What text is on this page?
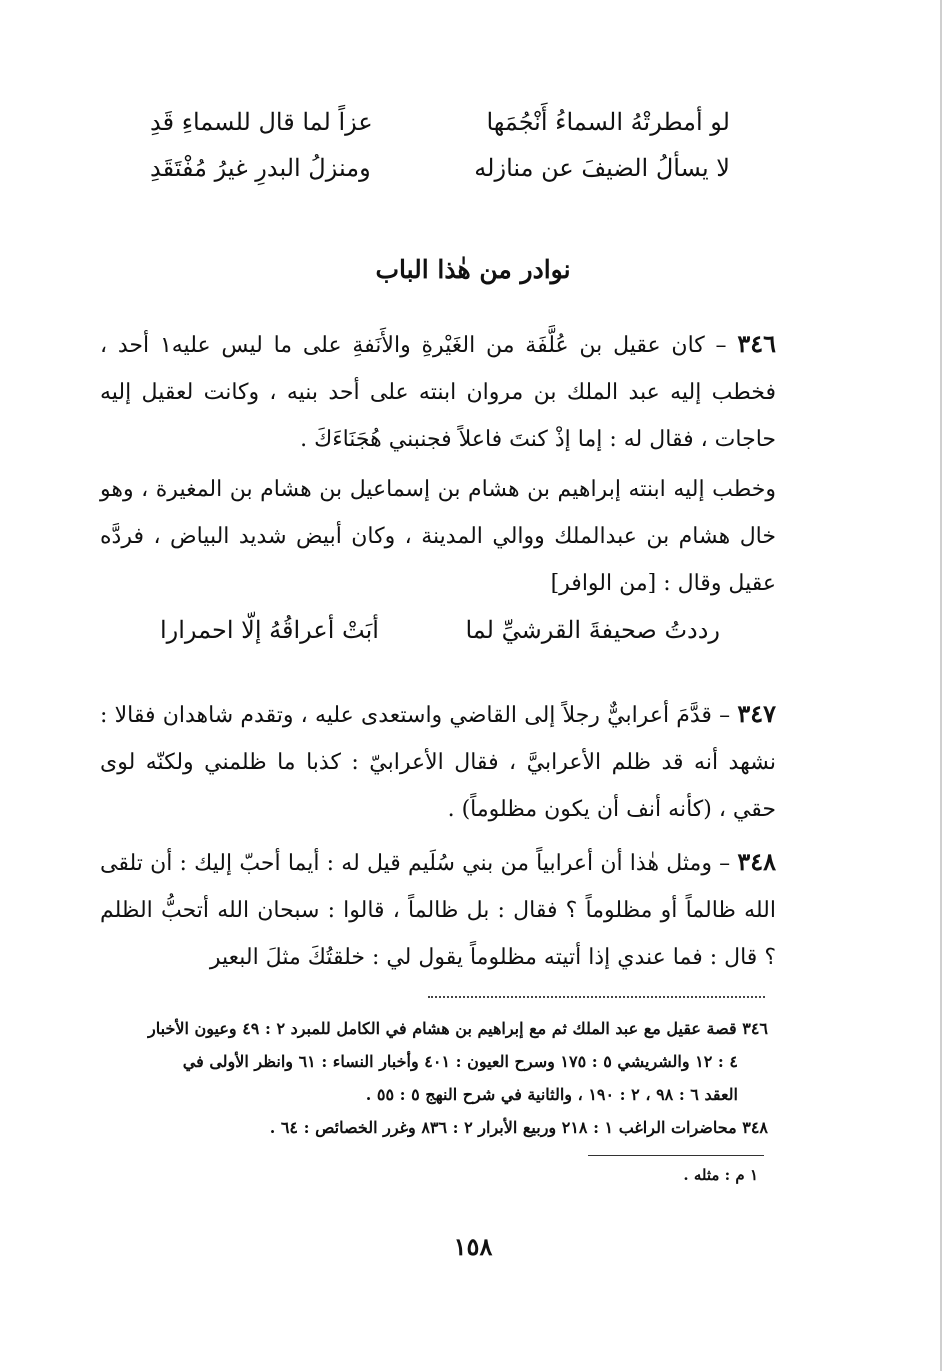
لو أمطرتْهُ السماءُ أَنْجُمَها
عزاً لما قال للسماءِ قَدِ
لا يسألُ الضيفَ عن منازله
ومنزلُ البدرِ غيرُ مُفْتَقَدِ
نوادر من هٰذا الباب
٣٤٦ – كان عقيل بن عُلَّفَة من الغَيْرةِ والأَنَفةِ على ما ليس عليه١ أحد ، فخطب إليه عبد الملك بن مروان ابنته على أحد بنيه ، وكانت لعقيل إليه حاجات ، فقال له : إما إذْ كنتَ فاعلاً فجنبني هُجَنَاءَكَ .
وخطب إليه ابنته إبراهيم بن هشام بن إسماعيل بن هشام بن المغيرة ، وهو خال هشام بن عبدالملك ووالي المدينة ، وكان أبيض شديد البياض ، فردَّه عقيل وقال : [من الوافر]
رددتُ صحيفةَ القرشيِّ لما
أبَتْ أعراقُهُ إلّا احمرارا
٣٤٧ – قدَّمَ أعرابيٌّ رجلاً إلى القاضي واستعدى عليه ، وتقدم شاهدان فقالا : نشهد أنه قد ظلم الأعرابيَّ ، فقال الأعرابيّ : كذبا ما ظلمني ولكنّه لوى حقي ، (كأنه أنف أن يكون مظلوماً) .
٣٤٨ – ومثل هٰذا أن أعرابياً من بني سُلَيم قيل له : أيما أحبّ إليك : أن تلقى الله ظالماً أو مظلوماً ؟ فقال : بل ظالماً ، قالوا : سبحان الله أتحبُّ الظلم ؟ قال : فما عندي إذا أتيته مظلوماً يقول لي : خلقتُكَ مثلَ البعير
٣٤٦ قصة عقيل مع عبد الملك ثم مع إبراهيم بن هشام في الكامل للمبرد ٢ : ٤٩ وعيون الأخبار
٤ : ١٢ والشريشي ٥ : ١٧٥ وسرح العيون : ٤٠١ وأخبار النساء : ٦١ وانظر الأولى في
العقد ٦ : ٩٨ ، ٢ : ١٩٠ ، والثانية في شرح النهج ٥ : ٥٥ .
٣٤٨ محاضرات الراغب ١ : ٢١٨ وربيع الأبرار ٢ : ٨٣٦ وغرر الخصائص : ٦٤ .
١ م : مثله .
١٥٨
